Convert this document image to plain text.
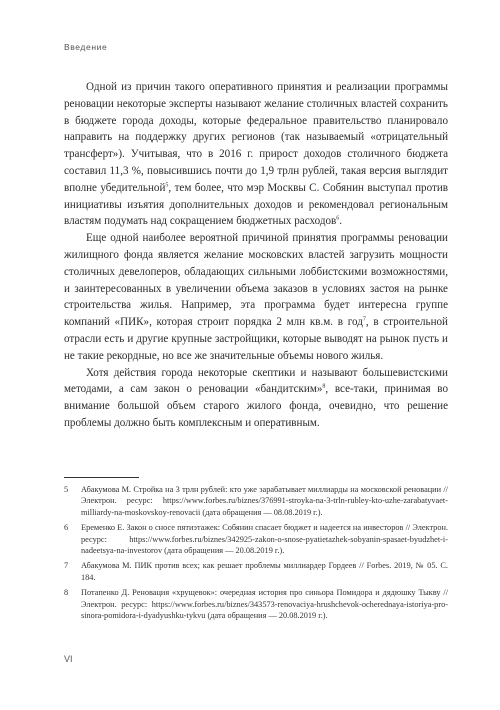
Введение

Одной из причин такого оперативного принятия и реализации программы реновации некоторые эксперты называют желание столичных властей сохранить в бюджете города доходы, которые федеральное правительство планировало направить на поддержку других регионов (так называемый «отрицательный трансферт»). Учитывая, что в 2016 г. прирост доходов столичного бюджета составил 11,3 %, повысившись почти до 1,9 трлн рублей, такая версия выглядит вполне убедительной$^5$, тем более, что мэр Москвы С. Собянин выступал против инициативы изъятия дополнительных доходов и рекомендовал региональным властям подумать над сокращением бюджетных расходов$^6$.

Еще одной наиболее вероятной причиной принятия программы реновации жилищного фонда является желание московских властей загрузить мощности столичных девелоперов, обладающих сильными лоббистскими возможностями, и заинтересованных в увеличении объема заказов в условиях застоя на рынке строительства жилья. Например, эта программа будет интересна группе компаний «ПИК», которая строит порядка 2 млн кв.м. в год$^7$, в строительной отрасли есть и другие крупные застройщики, которые выводят на рынок пусть и не такие рекордные, но все же значительные объемы нового жилья.

Хотя действия города некоторые скептики и называют большевистскими методами, а сам закон о реновации «бандитским»$^8$, все-таки, принимая во внимание большой объем старого жилого фонда, очевидно, что решение проблемы должно быть комплексным и оперативным.

5	Абакумова М. Стройка на 3 трлн рублей: кто уже зарабатывает миллиарды на московской реновации // Электрон. ресурс: https://www.forbes.ru/biznes/376991-stroyka-na-3-trln-rubley-kto-uzhe-zarabatyvaet-milliardy-na-moskovskoy-renovacii (дата обращения — 08.08.2019 г.).
6	Еременко Е. Закон о сносе пятиэтажек: Собянин спасает бюджет и надеется на инвесторов // Электрон. ресурс: https://www.forbes.ru/biznes/342925-zakon-o-snose-pyatietazhek-sobyanin-spasaet-byudzhet-i-nadeetsya-na-investorov (дата обращения — 20.08.2019 г.).
7	Абакумова М. ПИК против всех; как решает проблемы миллиардер Гордеев // Forbes. 2019, № 05. С. 184.
8	Потапенко Д. Реновация «хрущевок»: очередная история про синьора Помидора и дядюшку Тыкву // Электрон. ресурс: https://www.forbes.ru/biznes/343573-renovaciya-hrushchevok-ocherednaya-istoriya-pro-sinora-pomidora-i-dyadyushku-tykvu (дата обращения — 20.08.2019 г.).
VI
